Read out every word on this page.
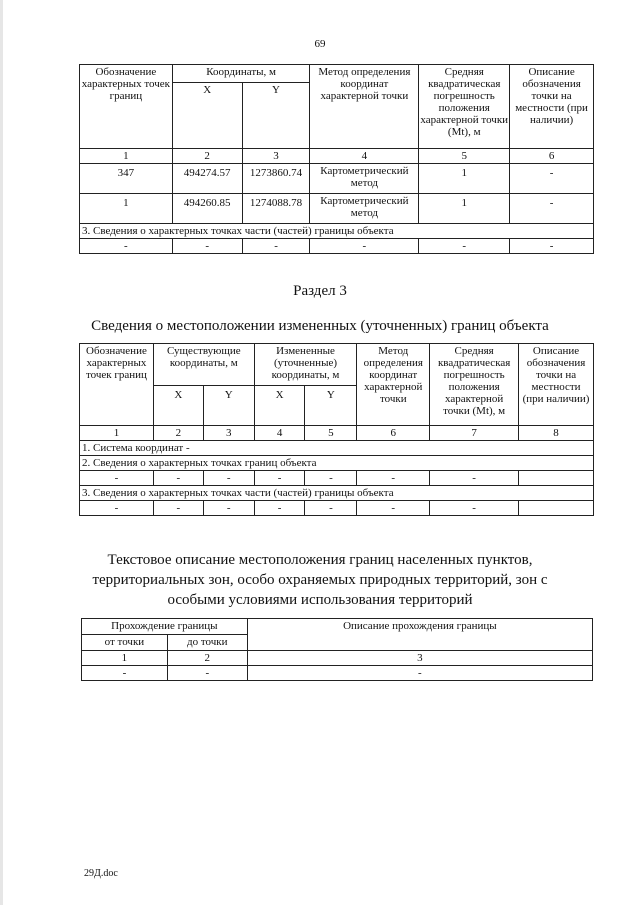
69
Обозначение характерных точек границ	Координаты, м		Метод определения координат характерной точки	Средняя квадратическая погрешность положения характерной точки (Mt), м	Описание обозначения точки на местности (при наличии)
	X	Y			
1	2	3	4	5	6
347	494274.57	1273860.74	Картометрический метод	1	-
1	494260.85	1274088.78	Картометрический метод	1	-
3. Сведения о характерных точках части (частей) границы объекта					
-	-	-	-	-	-
Раздел 3
Сведения о местоположении измененных (уточненных) границ объекта
Обозначение характерных точек границ	Существующие координаты, м		Измененные (уточненные) координаты, м		Метод определения координат характерной точки	Средняя квадратическая погрешность положения характерной точки (Mt), м	Описание обозначения точки на местности (при наличии)
	X	Y	X	Y			
1	2	3	4	5	6	7	8
1. Система координат -							
2. Сведения о характерных точках границ объекта							
-	-	-	-	-	-	-	
3. Сведения о характерных точках части (частей) границы объекта							
-	-	-	-	-	-	-	
Текстовое описание местоположения границ населенных пунктов, территориальных зон, особо охраняемых природных территорий, зон с особыми условиями использования территорий
Прохождение границы		Описание прохождения границы
от точки	до точки	
1	2	3
-	-	-
29Д.doc
